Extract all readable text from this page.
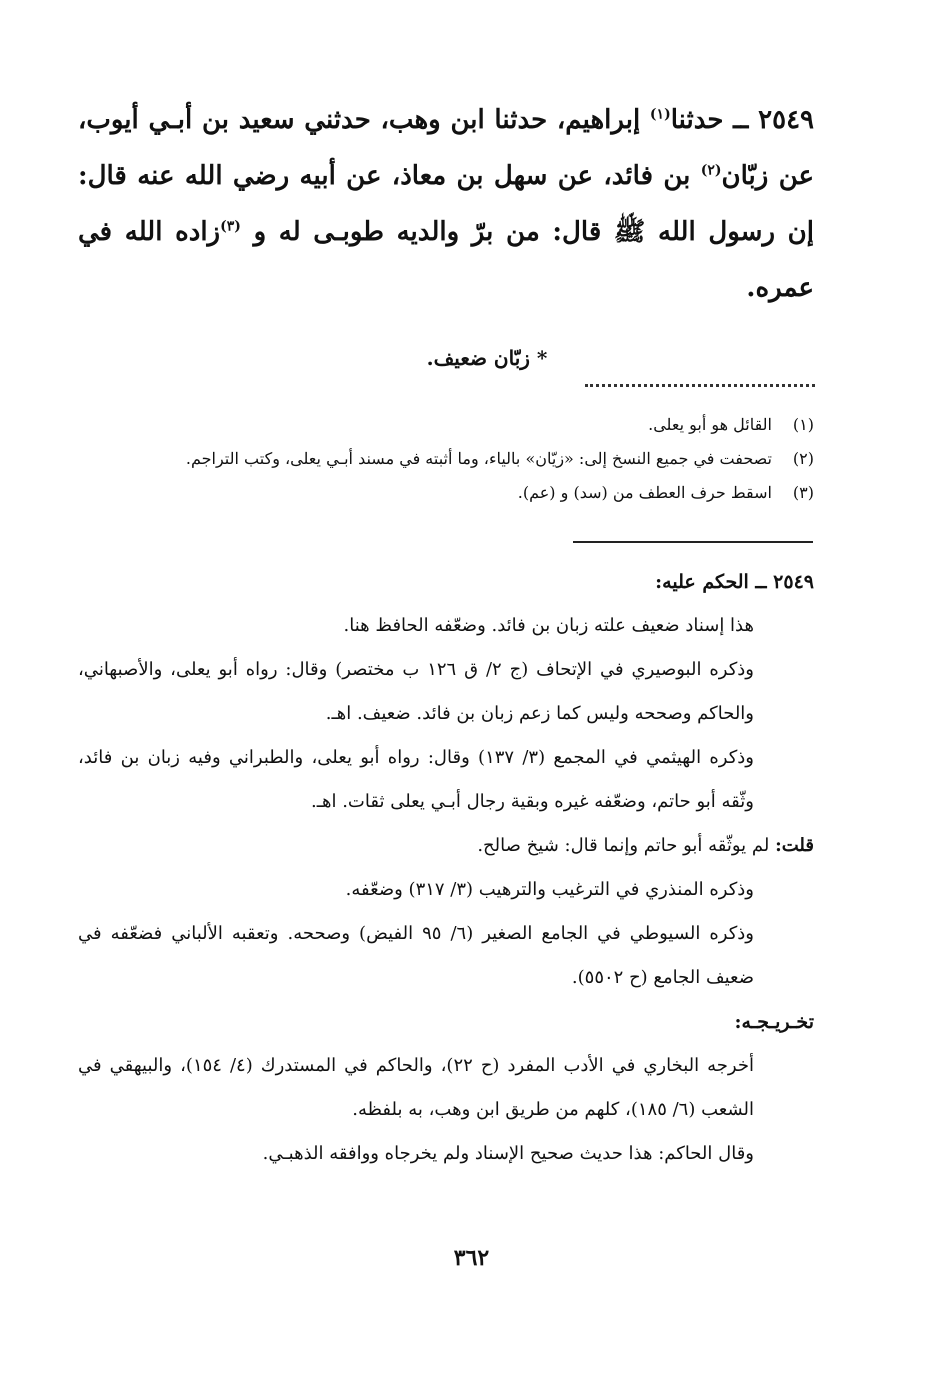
٢٥٤٩ ــ حدثنا$^{(١)}$ إبراهيم، حدثنا ابن وهب، حدثني سعيد بن أبـي أيوب، عن زبّان$^{(٢)}$ بن فائد، عن سهل بن معاذ، عن أبيه رضي الله عنه قال: إن رسول الله ﷺ قال: من برّ والديه طوبـى له و $^{(٣)}$زاده الله في عمره.

* زبّان ضعيف.
(١)القائل هو أبو يعلى.
(٢)تصحفت في جميع النسخ إلى: «زيّان» بالياء، وما أثبته في مسند أبـي يعلى، وكتب التراجم.
(٣)اسقط حرف العطف من (سد) و (عم).

٢٥٤٩ ــ الحكم عليه:

هذا إسناد ضعيف علته زبان بن فائد. وضعّفه الحافظ هنا.

وذكره البوصيري في الإتحاف (ج ٢/ ق ١٢٦ ب مختصر) وقال: رواه أبو يعلى، والأصبهاني، والحاكم وصححه وليس كما زعم زبان بن فائد. ضعيف. اهـ.

وذكره الهيثمي في المجمع (٣/ ١٣٧) وقال: رواه أبو يعلى، والطبراني وفيه زبان بن فائد، وثّقه أبو حاتم، وضعّفه غيره وبقية رجال أبـي يعلى ثقات. اهـ.

قلت: لم يوثّقه أبو حاتم وإنما قال: شيخ صالح.

وذكره المنذري في الترغيب والترهيب (٣/ ٣١٧) وضعّفه.

وذكره السيوطي في الجامع الصغير (٦/ ٩٥ الفيض) وصححه. وتعقبه الألباني فضعّفه في ضعيف الجامع (ح ٥٥٠٢).

تخـريـجـه:

أخرجه البخاري في الأدب المفرد (ح ٢٢)، والحاكم في المستدرك (٤/ ١٥٤)، والبيهقي في الشعب (٦/ ١٨٥)، كلهم من طريق ابن وهب، به بلفظه.

وقال الحاكم: هذا حديث صحيح الإسناد ولم يخرجاه ووافقه الذهبـي.

٣٦٢
